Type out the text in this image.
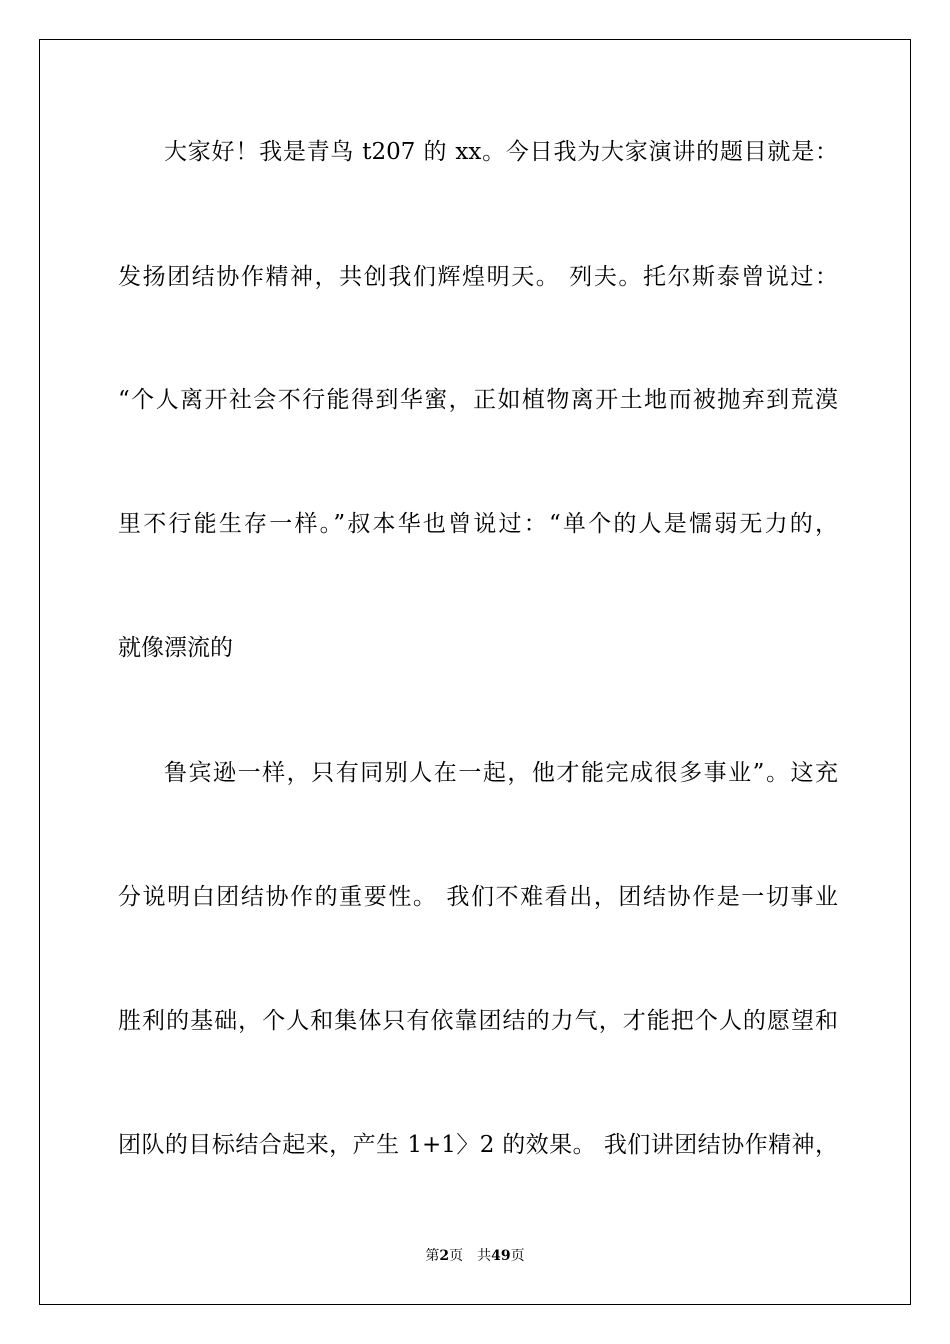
大家好！我是青鸟 t207 的 xx。今日我为大家演讲的题目就是：
发扬团结协作精神，共创我们辉煌明天。 列夫。托尔斯泰曾说过：
“个人离开社会不行能得到华蜜，正如植物离开土地而被抛弃到荒漠
里不行能生存一样。”叔本华也曾说过：“单个的人是懦弱无力的，
就像漂流的
鲁宾逊一样，只有同别人在一起，他才能完成很多事业”。这充
分说明白团结协作的重要性。 我们不难看出，团结协作是一切事业
胜利的基础，个人和集体只有依靠团结的力气，才能把个人的愿望和
团队的目标结合起来，产生 1+1〉2 的效果。 我们讲团结协作精神，
第2页 共49页
